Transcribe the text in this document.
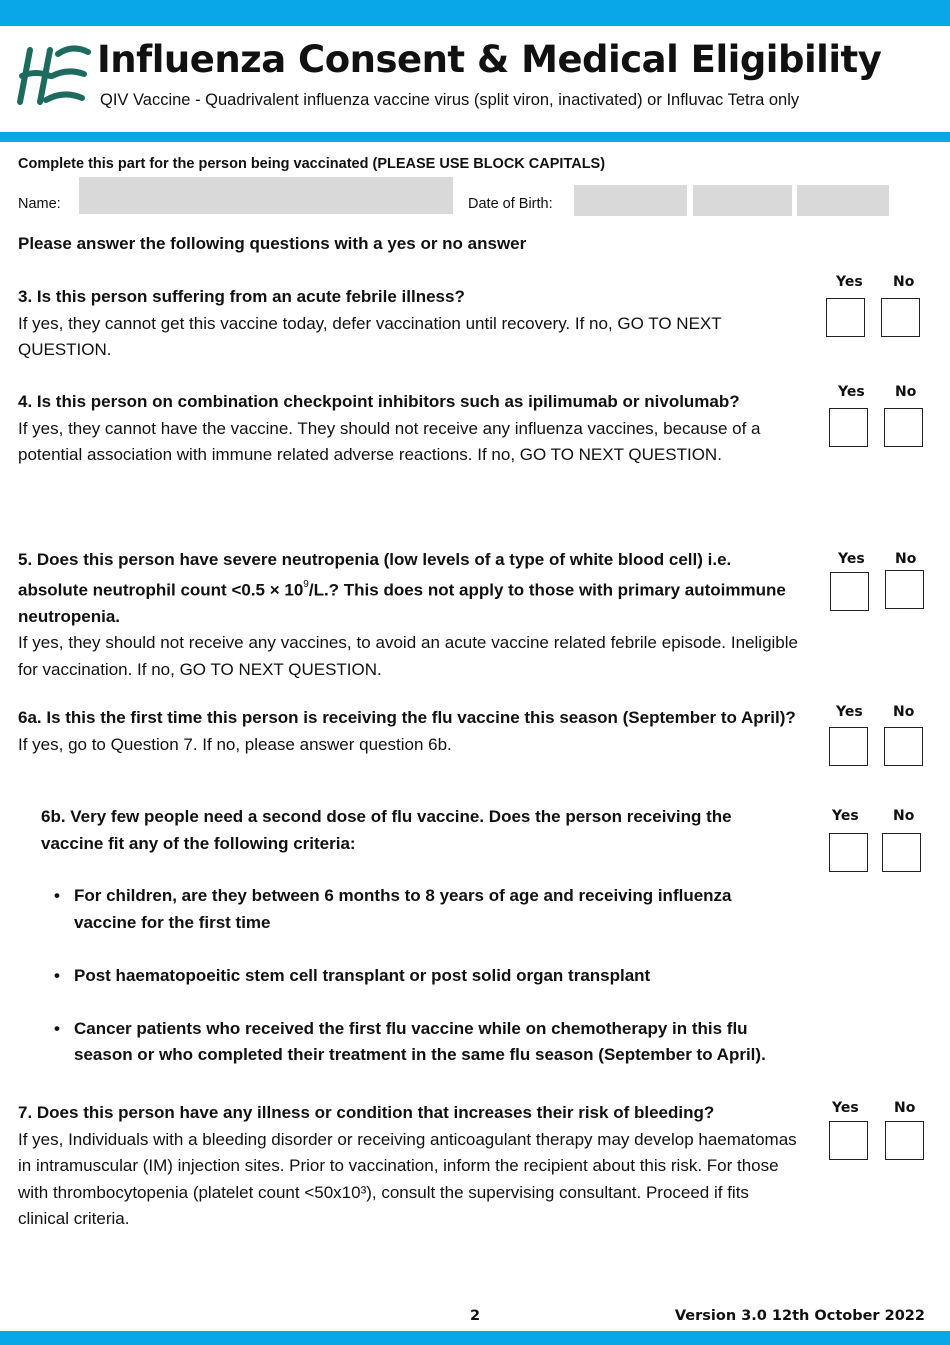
Influenza Consent & Medical Eligibility
QIV Vaccine - Quadrivalent influenza vaccine virus (split viron, inactivated) or Influvac Tetra only
Complete this part for the person being vaccinated (PLEASE USE BLOCK CAPITALS)
Name:	Date of Birth:
Please answer the following questions with a yes or no answer
3. Is this person suffering from an acute febrile illness?
If yes, they cannot get this vaccine today, defer vaccination until recovery. If no, GO TO NEXT QUESTION.
Yes No
4. Is this person on combination checkpoint inhibitors such as ipilimumab or nivolumab?
If yes, they cannot have the vaccine. They should not receive any influenza vaccines, because of a potential association with immune related adverse reactions. If no, GO TO NEXT QUESTION.
Yes No
5. Does this person have severe neutropenia (low levels of a type of white blood cell) i.e. absolute neutrophil count $<0.5 \times 10^9/L$.? This does not apply to those with primary autoimmune neutropenia.
If yes, they should not receive any vaccines, to avoid an acute vaccine related febrile episode. Ineligible for vaccination. If no, GO TO NEXT QUESTION.
Yes No
6a. Is this the first time this person is receiving the flu vaccine this season (September to April)?
If yes, go to Question 7. If no, please answer question 6b.
Yes No
6b. Very few people need a second dose of flu vaccine. Does the person receiving the vaccine fit any of the following criteria:
• For children, are they between 6 months to 8 years of age and receiving influenza vaccine for the first time
• Post haematopoeitic stem cell transplant or post solid organ transplant
• Cancer patients who received the first flu vaccine while on chemotherapy in this flu season or who completed their treatment in the same flu season (September to April).
Yes No
7. Does this person have any illness or condition that increases their risk of bleeding?
If yes, Individuals with a bleeding disorder or receiving anticoagulant therapy may develop haematomas in intramuscular (IM) injection sites. Prior to vaccination, inform the recipient about this risk. For those with thrombocytopenia (platelet count <50x10³), consult the supervising consultant. Proceed if fits clinical criteria.
Yes	No
2	Version 3.0 12th October 2022
